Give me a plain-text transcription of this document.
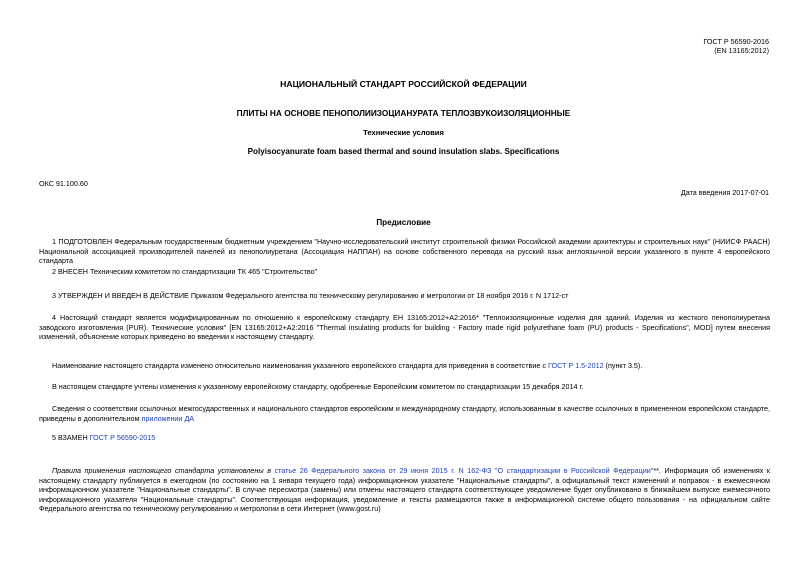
ГОСТ Р 56590-2016
(EN 13165:2012)
НАЦИОНАЛЬНЫЙ СТАНДАРТ РОССИЙСКОЙ ФЕДЕРАЦИИ
ПЛИТЫ НА ОСНОВЕ ПЕНОПОЛИИЗОЦИАНУРАТА ТЕПЛОЗВУКОИЗОЛЯЦИОННЫЕ
Технические условия
Polyisocyanurate foam based thermal and sound insulation slabs. Specifications
ОКС 91.100.60
Дата введения 2017-07-01
Предисловие
1 ПОДГОТОВЛЕН Федеральным государственным бюджетным учреждением "Научно-исследовательский институт строительной физики Российской академии архитектуры и строительных наук" (НИИСФ РААСН) Национальной ассоциацией производителей панелей из пенополиуретана (Ассоциация НАППАН) на основе собственного перевода на русский язык англоязычной версии указанного в пункте 4 европейского стандарта
2 ВНЕСЕН Техническим комитетом по стандартизации ТК 465 "Строительство"
3 УТВЕРЖДЕН И ВВЕДЕН В ДЕЙСТВИЕ Приказом Федерального агентства по техническому регулированию и метрологии от 18 ноября 2016 г. N 1712-ст
4 Настоящий стандарт является модифицированным по отношению к европейскому стандарту ЕН 13165:2012+А2:2016* "Теплоизоляционные изделия для зданий. Изделия из жесткого пенополиуретана заводского изготовления (PUR). Технические условия" [EN 13165:2012+A2:2016 "Thermal insulating products for building - Factory made rigid polyurethane foam (PU) products - Specifications", MOD] путем внесения изменений, объяснение которых приведено во введении к настоящему стандарту.
Наименование настоящего стандарта изменено относительно наименования указанного европейского стандарта для приведения в соответствие с ГОСТ Р 1.5-2012 (пункт 3.5).
В настоящем стандарте учтены изменения к указанному европейскому стандарту, одобренные Европейским комитетом по стандартизации 15 декабря 2014 г.
Сведения о соответствии ссылочных межгосударственных и национального стандартов европейским и международному стандарту, использованным в качестве ссылочных в примененном европейском стандарте, приведены в дополнительном приложении ДА
5 ВЗАМЕН ГОСТ Р 56590-2015
Правила применения настоящего стандарта установлены в статье 26 Федерального закона от 29 июня 2015 г. N 162-ФЗ "О стандартизации в Российской Федерации"**. Информация об изменениях к настоящему стандарту публикуется в ежегодном (по состоянию на 1 января текущего года) информационном указателе "Национальные стандарты", а официальный текст изменений и поправок - в ежемесячном информационном указателе "Национальные стандарты". В случае пересмотра (замены) или отмены настоящего стандарта соответствующее уведомление будет опубликовано в ближайшем выпуске ежемесячного информационного указателя "Национальные стандарты". Соответствующая информация, уведомление и тексты размещаются также в информационной системе общего пользования - на официальном сайте Федерального агентства по техническому регулированию и метрологии в сети Интернет (www.gost.ru)
